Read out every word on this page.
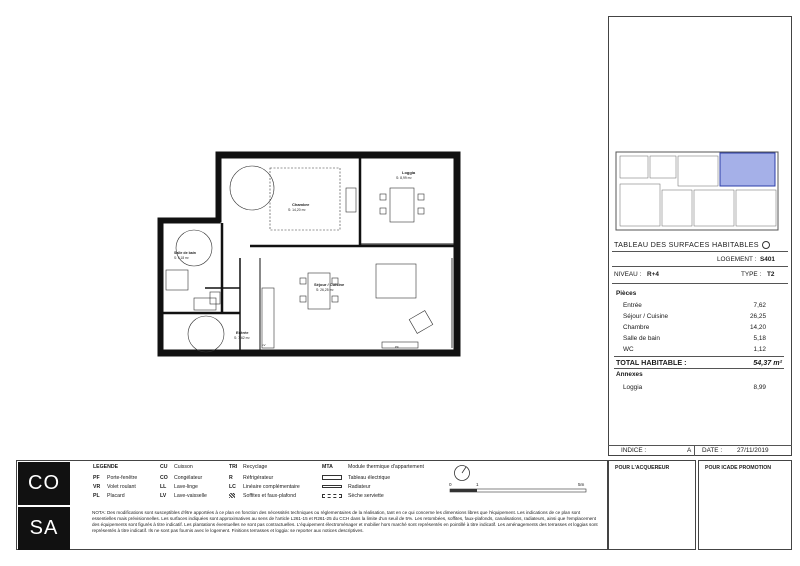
Chambre
S: 14,20 m²
Loggia
S: 8,99 m²
Salle de bain
S: 5,18 m²
Séjour / Cuisine
S: 26,25 m²
Entrée
S: 7,62 m²
PF
LV
TABLEAU DES SURFACES HABITABLES
LOGEMENT : S401
NIVEAU : R+4	TYPE : T2
Pièces
Entrée	7,62
Séjour / Cuisine	26,25
Chambre	14,20
Salle de bain	5,18
WC	1,12
TOTAL HABITABLE :	54,37 m²
Annexes
Loggia	8,99
INDICE :	A DATE : 27/11/2019
CO
SA
LEGENDE
PF Porte-fenêtre
VR Volet roulant
PL Placard
CU Cuisson
CO Congélateur
LL Lave-linge
LV Lave-vaisselle
TRI Recyclage
R Réfrigérateur
LC Linéaire complémentaire
Soffites et faux-plafond
MTA	Module thermique d'appartement
Tableau électrique
Radiateur
Sèche serviette
0	1	5m
NOTA: Des modifications sont susceptibles d'être apportées à ce plan en fonction des nécessités techniques ou réglementaires de la réalisation, tant en ce qui concerne les dimensions libres que l'équipement. Les indications de ce plan sont essentielles mais prévisionnelles. Les surfaces indiquées sont approximatives au sens de l'article L261-15 et R261-25 du CCH dans la limite d'un seuil de 5%. Les retombées, soffites, faux-plafonds, canalisations, radiateurs, ainsi que l'emplacement des équipements sont figurés à titre indicatif. Les plantations éventuelles ne sont pas contractuelles. L'équipement électroménager et mobilier hors marché sont représentés en pointillé à titre indicatif. Les aménagements des terrasses et loggias sont représentés à titre indicatif. Ils ne sont pas fournis avec le logement. Finitions terrasses et loggia: se reporter aux notices descriptives.
POUR L'ACQUEREUR	POUR ICADE PROMOTION
